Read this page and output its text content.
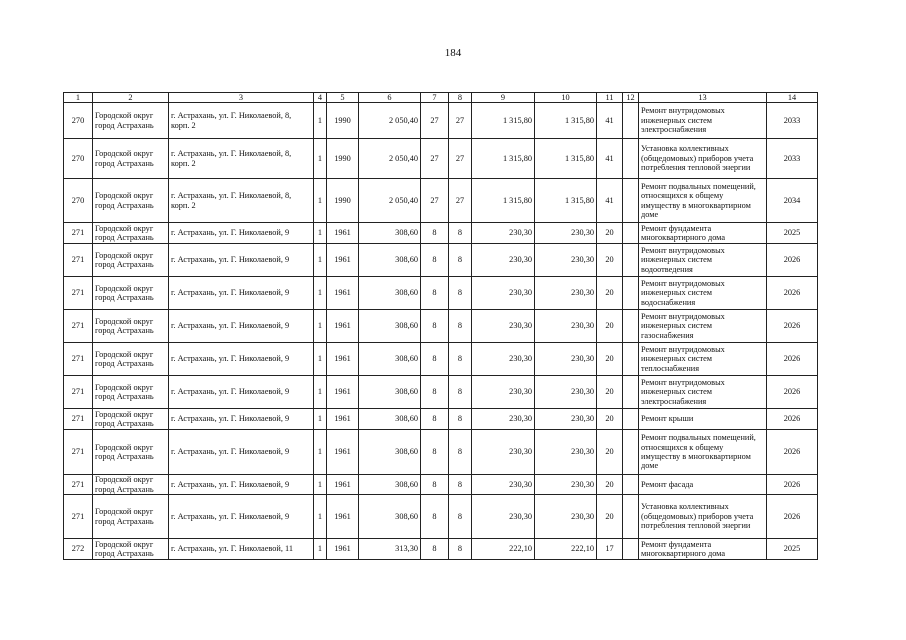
184
1	2	3	4	5	6	7	8	9	10	11	12	13	14
270	Городской округ город Астрахань	г. Астрахань, ул. Г. Николаевой, 8, корп. 2	1	1990	2 050,40	27	27	1 315,80	1 315,80	41		Ремонт внутридомовых инженерных систем электроснабжения	2033
270	Городской округ город Астрахань	г. Астрахань, ул. Г. Николаевой, 8, корп. 2	1	1990	2 050,40	27	27	1 315,80	1 315,80	41		Установка коллективных (общедомовых) приборов учета потребления тепловой энергии	2033
270	Городской округ город Астрахань	г. Астрахань, ул. Г. Николаевой, 8, корп. 2	1	1990	2 050,40	27	27	1 315,80	1 315,80	41		Ремонт подвальных помещений, относящихся к общему имуществу в многоквартирном доме	2034
271	Городской округ город Астрахань	г. Астрахань, ул. Г. Николаевой, 9	1	1961	308,60	8	8	230,30	230,30	20		Ремонт фундамента многоквартирного дома	2025
271	Городской округ город Астрахань	г. Астрахань, ул. Г. Николаевой, 9	1	1961	308,60	8	8	230,30	230,30	20		Ремонт внутридомовых инженерных систем водоотведения	2026
271	Городской округ город Астрахань	г. Астрахань, ул. Г. Николаевой, 9	1	1961	308,60	8	8	230,30	230,30	20		Ремонт внутридомовых инженерных систем водоснабжения	2026
271	Городской округ город Астрахань	г. Астрахань, ул. Г. Николаевой, 9	1	1961	308,60	8	8	230,30	230,30	20		Ремонт внутридомовых инженерных систем газоснабжения	2026
271	Городской округ город Астрахань	г. Астрахань, ул. Г. Николаевой, 9	1	1961	308,60	8	8	230,30	230,30	20		Ремонт внутридомовых инженерных систем теплоснабжения	2026
271	Городской округ город Астрахань	г. Астрахань, ул. Г. Николаевой, 9	1	1961	308,60	8	8	230,30	230,30	20		Ремонт внутридомовых инженерных систем электроснабжения	2026
271	Городской округ город Астрахань	г. Астрахань, ул. Г. Николаевой, 9	1	1961	308,60	8	8	230,30	230,30	20		Ремонт крыши	2026
271	Городской округ город Астрахань	г. Астрахань, ул. Г. Николаевой, 9	1	1961	308,60	8	8	230,30	230,30	20		Ремонт подвальных помещений, относящихся к общему имуществу в многоквартирном доме	2026
271	Городской округ город Астрахань	г. Астрахань, ул. Г. Николаевой, 9	1	1961	308,60	8	8	230,30	230,30	20		Ремонт фасада	2026
271	Городской округ город Астрахань	г. Астрахань, ул. Г. Николаевой, 9	1	1961	308,60	8	8	230,30	230,30	20		Установка коллективных (общедомовых) приборов учета потребления тепловой энергии	2026
272	Городской округ город Астрахань	г. Астрахань, ул. Г. Николаевой, 11	1	1961	313,30	8	8	222,10	222,10	17		Ремонт фундамента многоквартирного дома	2025
